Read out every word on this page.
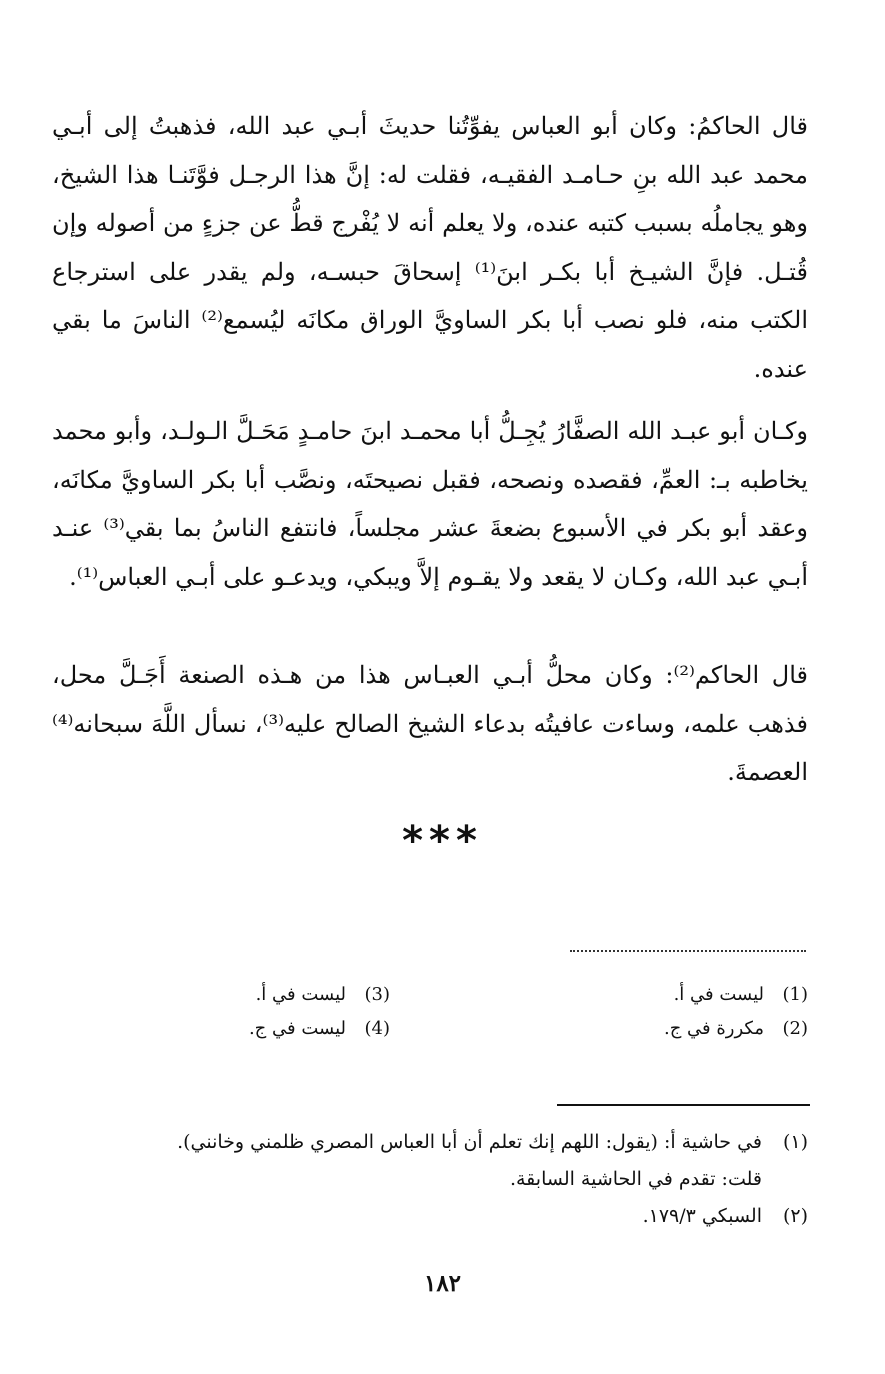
قال الحاكمُ: وكان أبو العباس يفوِّتُنا حديثَ أبـي عبد الله، فذهبتُ إلى أبـي محمد عبد الله بنِ حـامـد الفقيـه، فقلت له: إنَّ هذا الرجـل فوَّتَنـا هذا الشيخ، وهو يجاملُه بسبب كتبه عنده، ولا يعلم أنه لا يُفْرج قطُّ عن جزءٍ من أصوله وإن قُتـل. فإنَّ الشيـخ أبا بكـر ابنَ⁽¹⁾ إسحاقَ حبسـه، ولم يقدر على استرجاع الكتب منه، فلو نصب أبا بكر الساويَّ الوراق مكانَه ليُسمع⁽²⁾ الناسَ ما بقي عنده.

وكـان أبو عبـد الله الصفَّارُ يُجِـلُّ أبا محمـد ابنَ حامـدٍ مَحَـلَّ الـولـد، وأبو محمد يخاطبه بـ: العمِّ، فقصده ونصحه، فقبل نصيحتَه، ونصَّب أبا بكر الساويَّ مكانَه، وعقد أبو بكر في الأسبوع بضعةَ عشر مجلساً، فانتفع الناسُ بما بقي⁽³⁾ عنـد أبـي عبد الله، وكـان لا يقعد ولا يقـوم إلاَّ ويبكي، ويدعـو على أبـي العباس⁽¹⁾.

قال الحاكم⁽²⁾: وكان محلُّ أبـي العبـاس هذا من هـذه الصنعة أَجَـلَّ محل، فذهب علمه، وساءت عافيتُه بدعاء الشيخ الصالح عليه⁽³⁾، نسأل اللَّهَ سبحانه⁽⁴⁾ العصمةَ.

***
(1)ليست في أ.
(2)مكررة في ج.
(3)ليست في أ.
(4)ليست في ج.
(١)في حاشية أ: (يقول: اللهم إنك تعلم أن أبا العباس المصري ظلمني وخانني).
قلت: تقدم في الحاشية السابقة.
(٢)السبكي ١٧٩/٣.
١٨٢
